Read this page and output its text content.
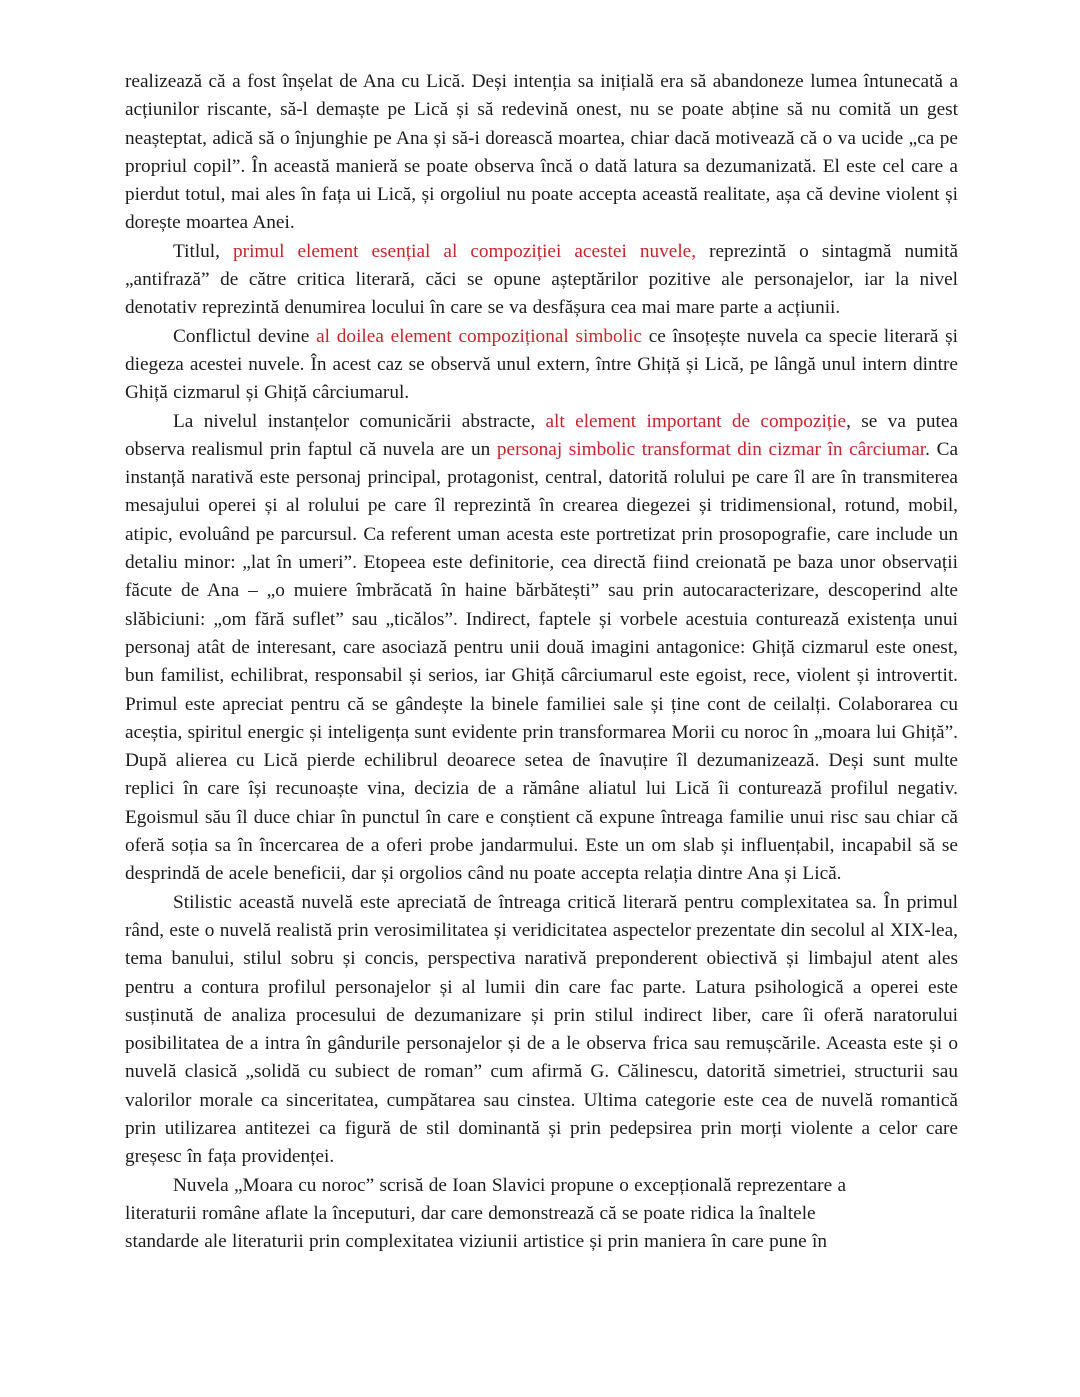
realizează că a fost înșelat de Ana cu Lică. Deși intenția sa inițială era să abandoneze lumea întunecată a acțiunilor riscante, să-l demaște pe Lică și să redevină onest, nu se poate abține să nu comită un gest neașteptat, adică să o înjunghie pe Ana și să-i dorească moartea, chiar dacă motivează că o va ucide „ca pe propriul copil”. În această manieră se poate observa încă o dată latura sa dezumanizată. El este cel care a pierdut totul, mai ales în fața ui Lică, și orgoliul nu poate accepta această realitate, așa că devine violent și dorește moartea Anei.

Titlul, primul element esențial al compoziției acestei nuvele, reprezintă o sintagmă numită „antifrază” de către critica literară, căci se opune așteptărilor pozitive ale personajelor, iar la nivel denotativ reprezintă denumirea locului în care se va desfășura cea mai mare parte a acțiunii.

Conflictul devine al doilea element compozițional simbolic ce însoțește nuvela ca specie literară și diegeza acestei nuvele. În acest caz se observă unul extern, între Ghiță și Lică, pe lângă unul intern dintre Ghiță cizmarul și Ghiță cârciumarul.

La nivelul instanțelor comunicării abstracte, alt element important de compoziție, se va putea observa realismul prin faptul că nuvela are un personaj simbolic transformat din cizmar în cârciumar. Ca instanță narativă este personaj principal, protagonist, central, datorită rolului pe care îl are în transmiterea mesajului operei și al rolului pe care îl reprezintă în crearea diegezei și tridimensional, rotund, mobil, atipic, evoluând pe parcursul. Ca referent uman acesta este portretizat prin prosopografie, care include un detaliu minor: „lat în umeri”. Etopeea este definitorie, cea directă fiind creionată pe baza unor observații făcute de Ana – „o muiere îmbrăcată în haine bărbătești” sau prin autocaracterizare, descoperind alte slăbiciuni: „om fără suflet” sau „ticălos”. Indirect, faptele și vorbele acestuia conturează existența unui personaj atât de interesant, care asociază pentru unii două imagini antagonice: Ghiță cizmarul este onest, bun familist, echilibrat, responsabil și serios, iar Ghiță cârciumarul este egoist, rece, violent și introvertit. Primul este apreciat pentru că se gândește la binele familiei sale și ține cont de ceilalți. Colaborarea cu aceștia, spiritul energic și inteligența sunt evidente prin transformarea Morii cu noroc în „moara lui Ghiță”. După alierea cu Lică pierde echilibrul deoarece setea de înavuțire îl dezumanizează. Deși sunt multe replici în care își recunoaște vina, decizia de a rămâne aliatul lui Lică îi conturează profilul negativ. Egoismul său îl duce chiar în punctul în care e conștient că expune întreaga familie unui risc sau chiar că oferă soția sa în încercarea de a oferi probe jandarmului. Este un om slab și influențabil, incapabil să se desprindă de acele beneficii, dar și orgolios când nu poate accepta relația dintre Ana și Lică.

Stilistic această nuvelă este apreciată de întreaga critică literară pentru complexitatea sa. În primul rând, este o nuvelă realistă prin verosimilitatea și veridicitatea aspectelor prezentate din secolul al XIX-lea, tema banului, stilul sobru și concis, perspectiva narativă preponderent obiectivă și limbajul atent ales pentru a contura profilul personajelor și al lumii din care fac parte. Latura psihologică a operei este susținută de analiza procesului de dezumanizare și prin stilul indirect liber, care îi oferă naratorului posibilitatea de a intra în gândurile personajelor și de a le observa frica sau remușcările. Aceasta este și o nuvelă clasică „solidă cu subiect de roman” cum afirmă G. Călinescu, datorită simetriei, structurii sau valorilor morale ca sinceritatea, cumpătarea sau cinstea. Ultima categorie este cea de nuvelă romantică prin utilizarea antitezei ca figură de stil dominantă și prin pedepsirea prin morți violente a celor care greșesc în fața providenței.

Nuvela „Moara cu noroc” scrisă de Ioan Slavici propune o excepțională reprezentare a
literaturii române aflate la începuturi, dar care demonstrează că se poate ridica la înaltele
standarde ale literaturii prin complexitatea viziunii artistice și prin maniera în care pune în
